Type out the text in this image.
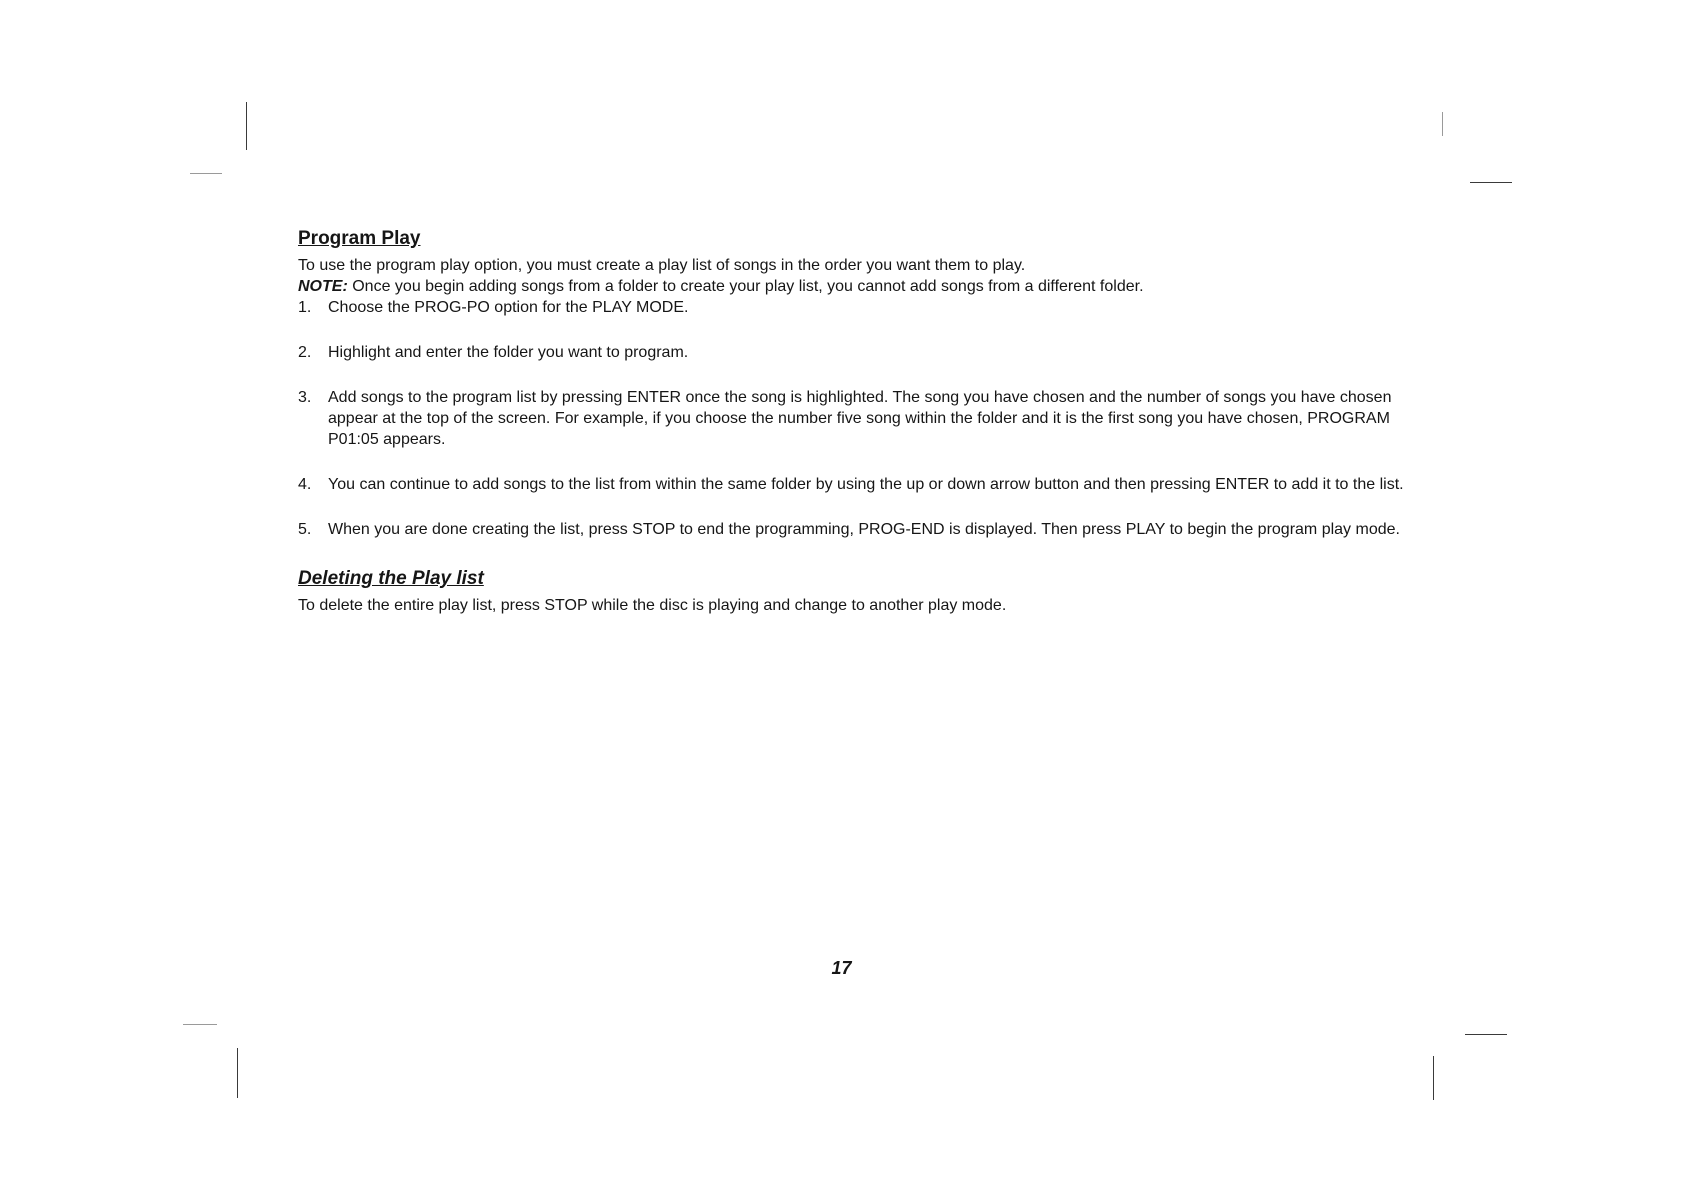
Program Play

To use the program play option, you must create a play list of songs in the order you want them to play.

NOTE: Once you begin adding songs from a folder to create your play list, you cannot add songs from a different folder.

1.	Choose the PROG-PO option for the PLAY MODE.
2.	Highlight and enter the folder you want to program.
3.	Add songs to the program list by pressing ENTER once the song is highlighted. The song you have chosen and the number of songs you have chosen appear at the top of the screen. For example, if you choose the number five song within the folder and it is the first song you have chosen, PROGRAM P01:05 appears.
4.	You can continue to add songs to the list from within the same folder by using the up or down arrow button and then pressing ENTER to add it to the list.
5.	When you are done creating the list, press STOP to end the programming, PROG-END is displayed. Then press PLAY to begin the program play mode.
Deleting the Play list

To delete the entire play list, press STOP while the disc is playing and change to another play mode.

17
